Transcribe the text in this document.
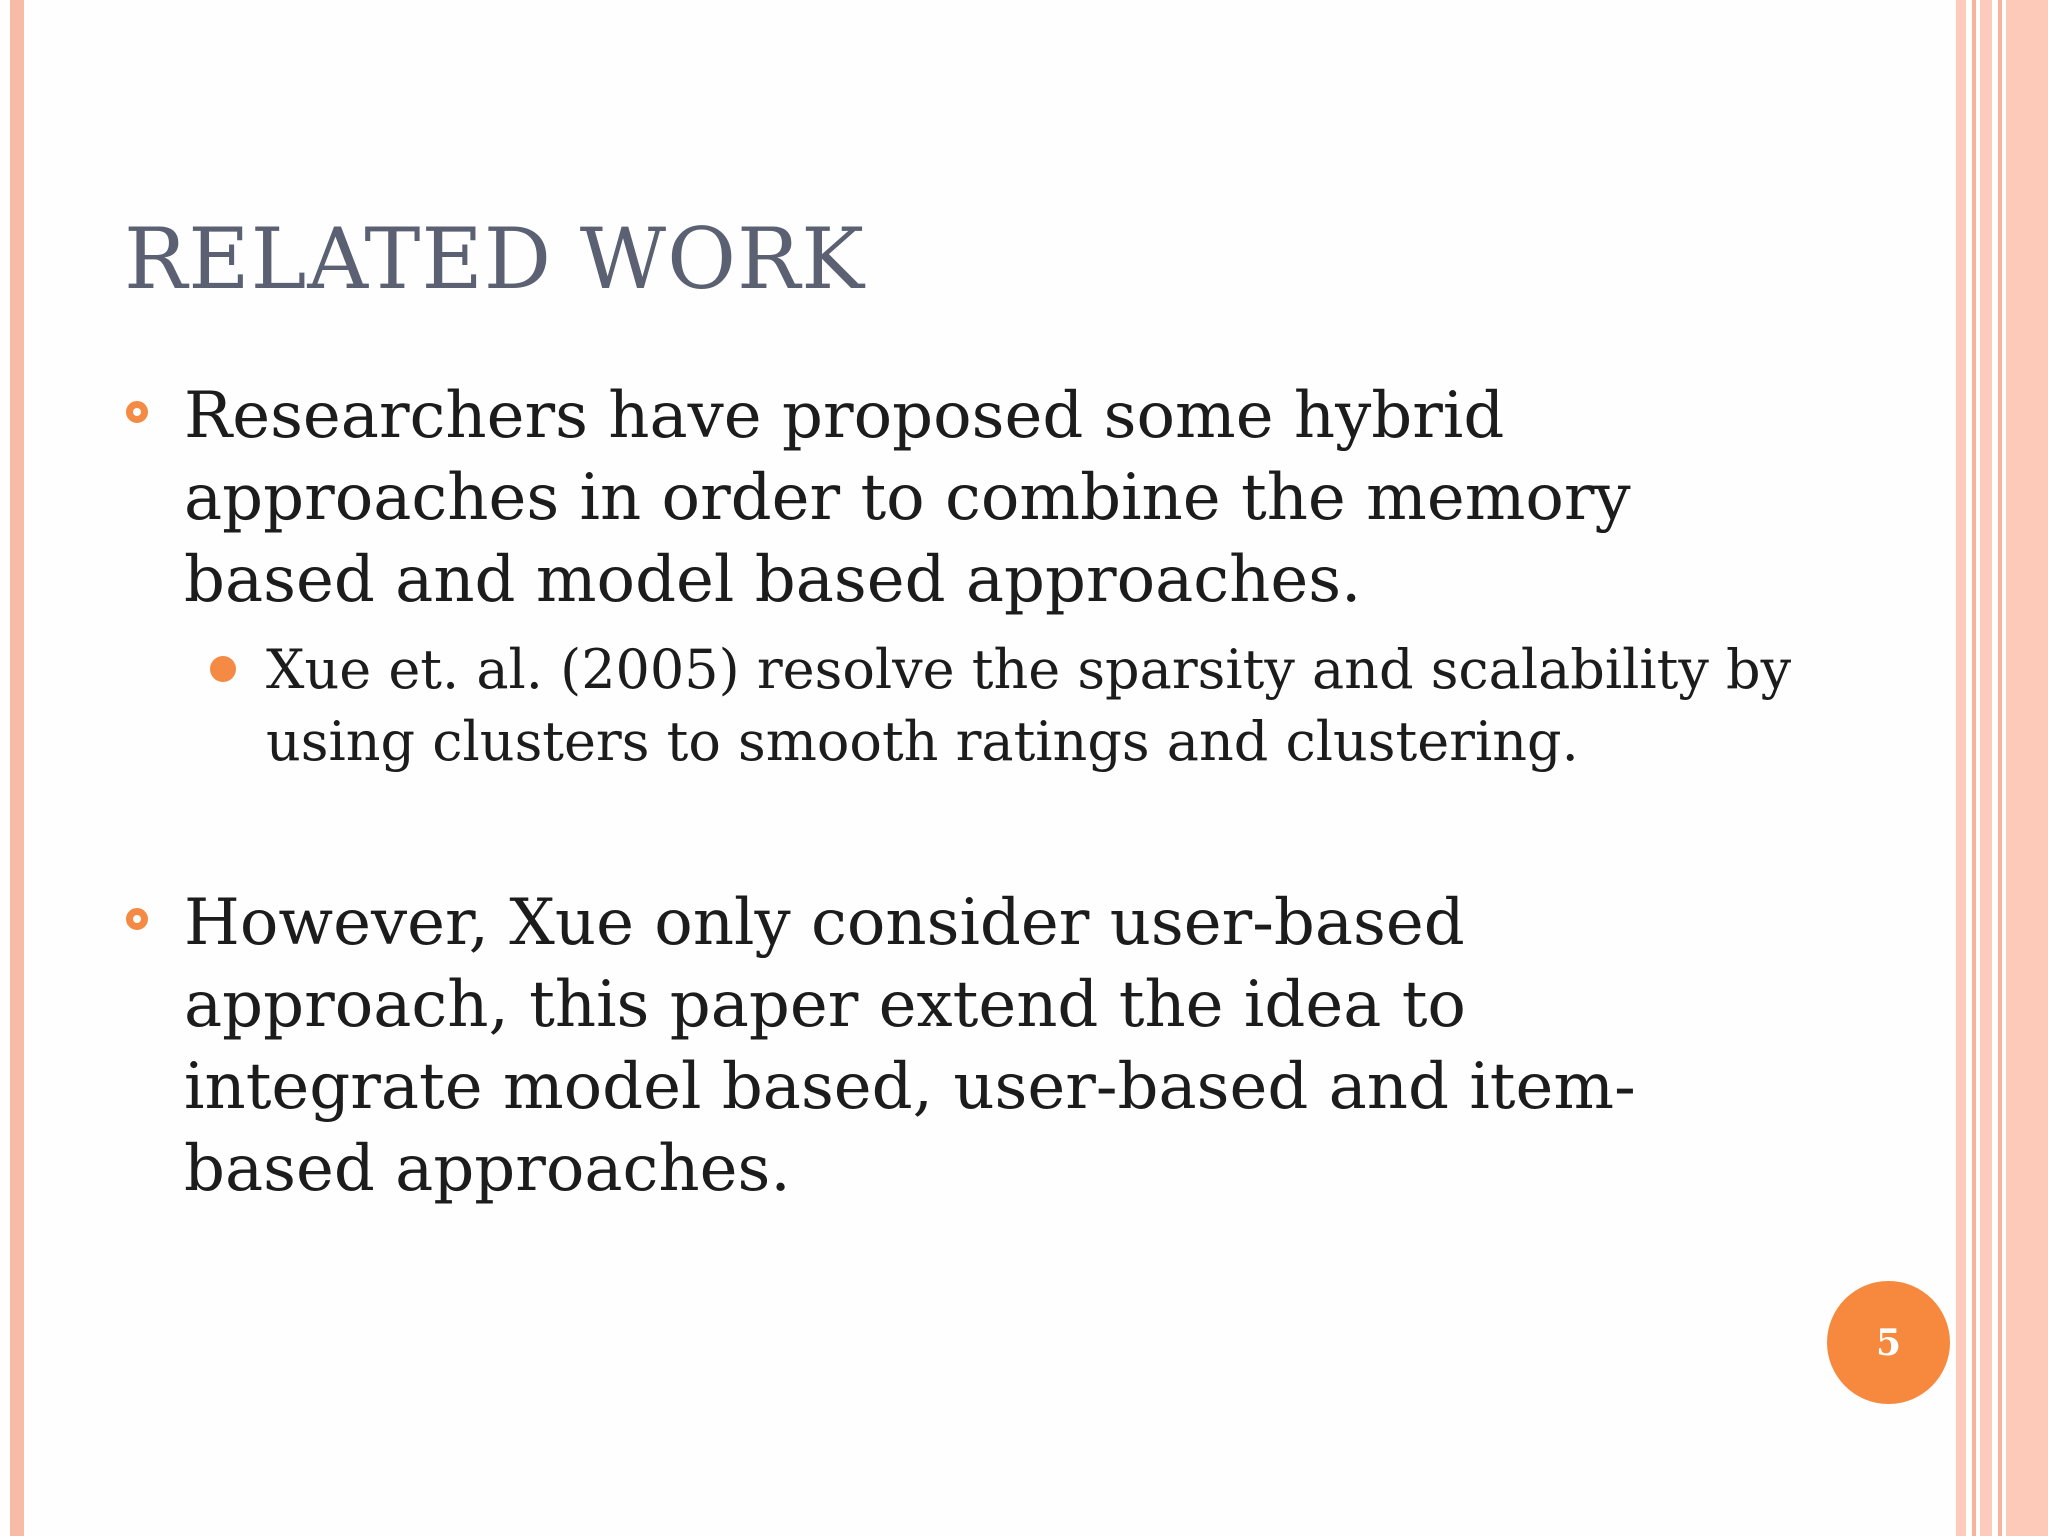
RELATED WORK
Researchers have proposed some hybrid approaches in order to combine the memory based and model based approaches.
Xue et. al. (2005) resolve the sparsity and scalability by using clusters to smooth ratings and clustering.
However, Xue only consider user-based approach, this paper extend the idea to integrate model based, user-based and item-based approaches.
5
